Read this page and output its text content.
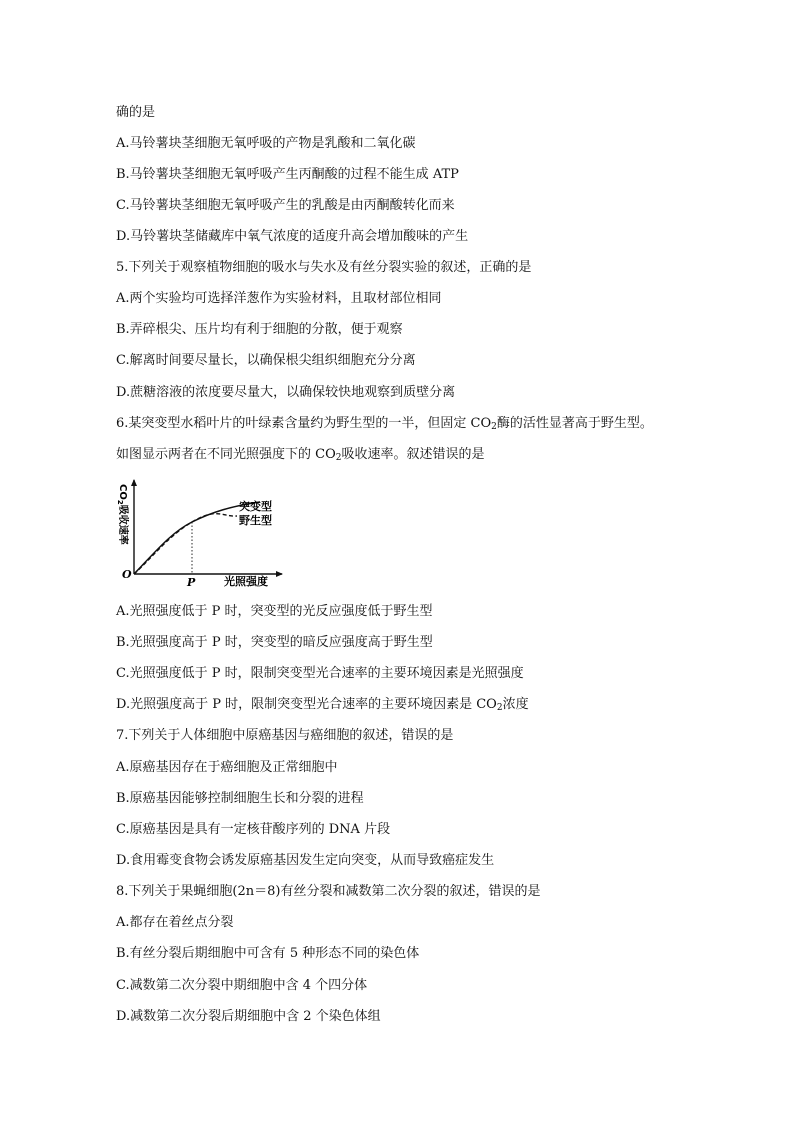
确的是
A.马铃薯块茎细胞无氧呼吸的产物是乳酸和二氧化碳
B.马铃薯块茎细胞无氧呼吸产生丙酮酸的过程不能生成 ATP
C.马铃薯块茎细胞无氧呼吸产生的乳酸是由丙酮酸转化而来
D.马铃薯块茎储藏库中氧气浓度的适度升高会增加酸味的产生
5.下列关于观察植物细胞的吸水与失水及有丝分裂实验的叙述，正确的是
A.两个实验均可选择洋葱作为实验材料，且取材部位相同
B.弄碎根尖、压片均有利于细胞的分散，便于观察
C.解离时间要尽量长，以确保根尖组织细胞充分分离
D.蔗糖溶液的浓度要尽量大，以确保较快地观察到质壁分离
6.某突变型水稻叶片的叶绿素含量约为野生型的一半，但固定 $CO_2$酶的活性显著高于野生型。
如图显示两者在不同光照强度下的 $CO_2$吸收速率。叙述错误的是
O
P	光照强度
突变型
野生型
$CO_2$吸收速率
A.光照强度低于 P 时，突变型的光反应强度低于野生型
B.光照强度高于 P 时，突变型的暗反应强度高于野生型
C.光照强度低于 P 时，限制突变型光合速率的主要环境因素是光照强度
D.光照强度高于 P 时，限制突变型光合速率的主要环境因素是 $CO_2$浓度
7.下列关于人体细胞中原癌基因与癌细胞的叙述，错误的是
A.原癌基因存在于癌细胞及正常细胞中
B.原癌基因能够控制细胞生长和分裂的进程
C.原癌基因是具有一定核苷酸序列的 DNA 片段
D.食用霉变食物会诱发原癌基因发生定向突变，从而导致癌症发生
8.下列关于果蝇细胞(2n＝8)有丝分裂和减数第二次分裂的叙述，错误的是
A.都存在着丝点分裂
B.有丝分裂后期细胞中可含有 5 种形态不同的染色体
C.减数第二次分裂中期细胞中含 4 个四分体
D.减数第二次分裂后期细胞中含 2 个染色体组
